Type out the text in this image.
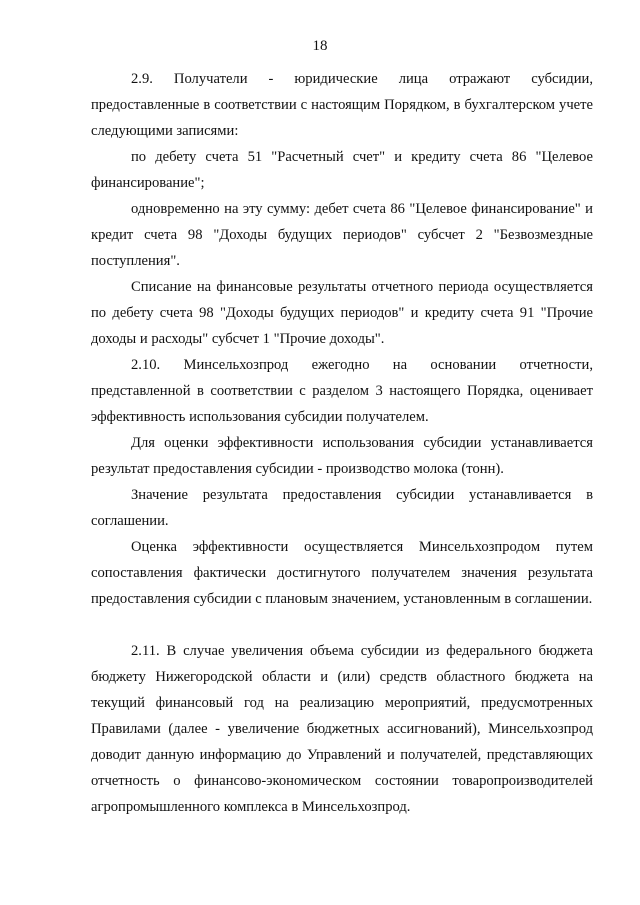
18

2.9. Получатели - юридические лица отражают субсидии, предоставленные в соответствии с настоящим Порядком, в бухгалтерском учете следующими записями:

по дебету счета 51 "Расчетный счет" и кредиту счета 86 "Целевое финансирование";

одновременно на эту сумму: дебет счета 86 "Целевое финансирование" и кредит счета 98 "Доходы будущих периодов" субсчет 2 "Безвозмездные поступления".

Списание на финансовые результаты отчетного периода осуществляется по дебету счета 98 "Доходы будущих периодов" и кредиту счета 91 "Прочие доходы и расходы" субсчет 1 "Прочие доходы".

2.10. Минсельхозпрод ежегодно на основании отчетности, представленной в соответствии с разделом 3 настоящего Порядка, оценивает эффективность использования субсидии получателем.

Для оценки эффективности использования субсидии устанавливается результат предоставления субсидии - производство молока (тонн).

Значение результата предоставления субсидии устанавливается в соглашении.

Оценка эффективности осуществляется Минсельхозпродом путем сопоставления фактически достигнутого получателем значения результата предоставления субсидии с плановым значением, установленным в соглашении.

2.11. В случае увеличения объема субсидии из федерального бюджета бюджету Нижегородской области и (или) средств областного бюджета на текущий финансовый год на реализацию мероприятий, предусмотренных Правилами (далее - увеличение бюджетных ассигнований), Минсельхозпрод доводит данную информацию до Управлений и получателей, представляющих отчетность о финансово-экономическом состоянии товаропроизводителей агропромышленного комплекса в Минсельхозпрод.
